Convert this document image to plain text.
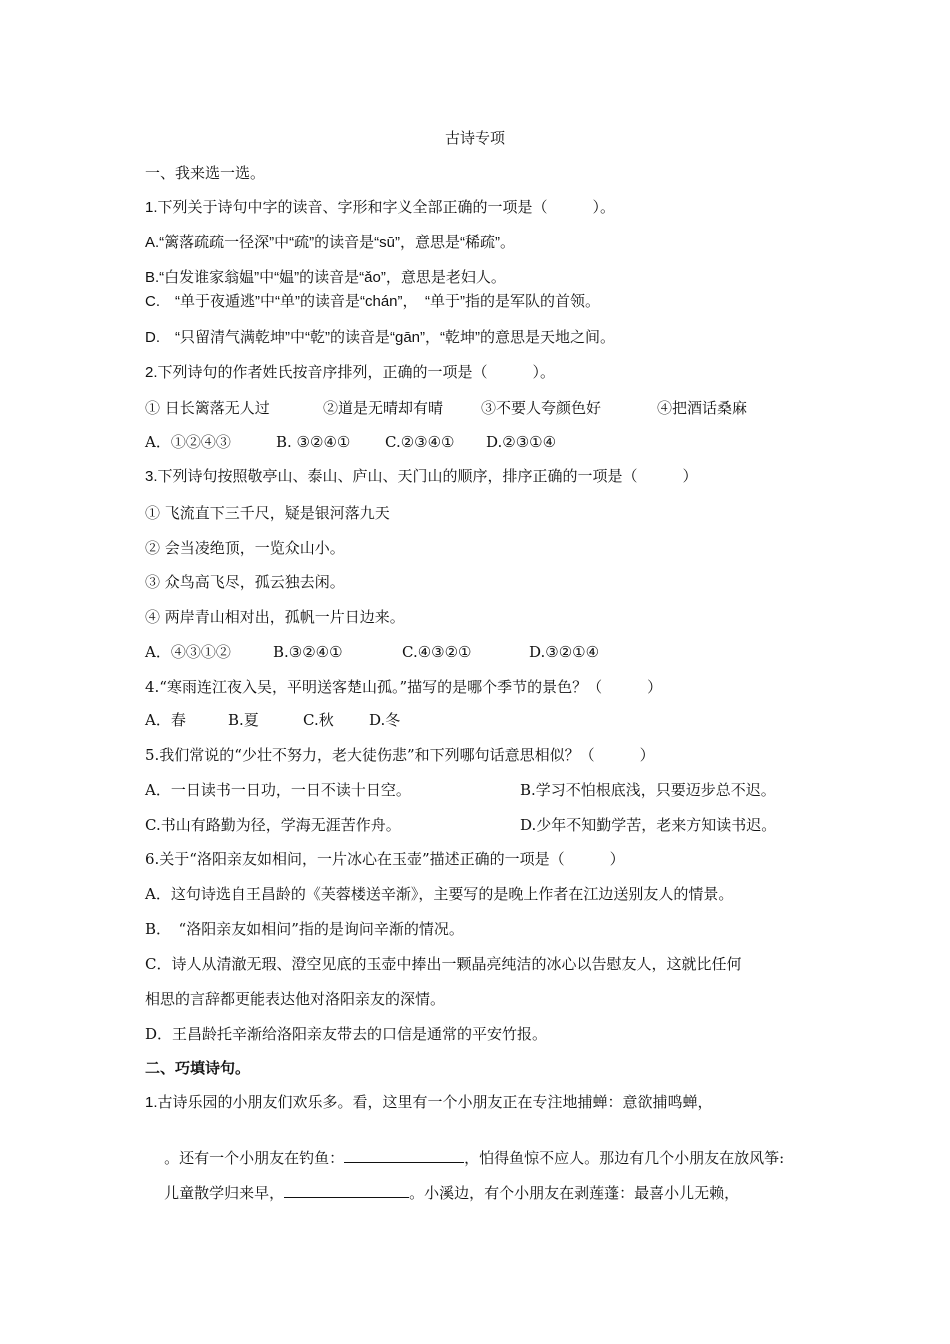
古诗专项
一、我来选一选。
1.下列关于诗句中字的读音、字形和字义全部正确的一项是（　　　）。
A.“篱落疏疏一径深”中“疏”的读音是“sū”，意思是“稀疏”。
B.“白发谁家翁媪”中“媪”的读音是“ǎo”，意思是老妇人。
C.　“单于夜遁逃”中“单”的读音是“chán”，　“单于”指的是军队的首领。
D.　“只留清气满乾坤”中“乾”的读音是“gān”，“乾坤”的意思是天地之间。
2.下列诗句的作者姓氏按音序排列，正确的一项是（　　　）。

① 日长篱落无人过

	②道是无晴却有晴

	③不要人夸颜色好

	④把酒话桑麻

A．①②④③

	B. ③②④①

C.②③④①

D.②③①④

3.下列诗句按照敬亭山、泰山、庐山、天门山的顺序，排序正确的一项是（　　　）
① 飞流直下三千尺，疑是银河落九天
② 会当凌绝顶，一览众山小。
③ 众鸟高飞尽，孤云独去闲。
④ 两岸青山相对出，孤帆一片日边来。

A．④③①②

	B.③②④①

	C.④③②①

	D.③②①④

4.“寒雨连江夜入吴，平明送客楚山孤。”描写的是哪个季节的景色？（　　　）

A．春

	B.夏

	C.秋

D.冬

5.我们常说的“少壮不努力，老大徒伤悲”和下列哪句话意思相似？（　　　）
A．一日读书一日功，一日不读十日空。	B.学习不怕根底浅，只要迈步总不迟。
C.书山有路勤为径，学海无涯苦作舟。	D.少年不知勤学苦，老来方知读书迟。
6.关于“洛阳亲友如相问，一片冰心在玉壶”描述正确的一项是（　　　）
A．这句诗选自王昌龄的《芙蓉楼送辛渐》，主要写的是晚上作者在江边送别友人的情景。
B．　“洛阳亲友如相问”指的是询问辛渐的情况。
C．诗人从清澈无瑕、澄空见底的玉壶中捧出一颗晶亮纯洁的冰心以告慰友人，这就比任何
相思的言辞都更能表达他对洛阳亲友的深情。
D．王昌龄托辛渐给洛阳亲友带去的口信是通常的平安竹报。
二、巧填诗句。
1.古诗乐园的小朋友们欢乐多。看，这里有一个小朋友正在专注地捕蝉：意欲捕鸣蝉，

。还有一个小朋友在钓鱼：	，怕得鱼惊不应人。那边有几个小朋友在放风筝:

儿童散学归来早，	。小溪边，有个小朋友在剥莲蓬：最喜小儿无赖，
